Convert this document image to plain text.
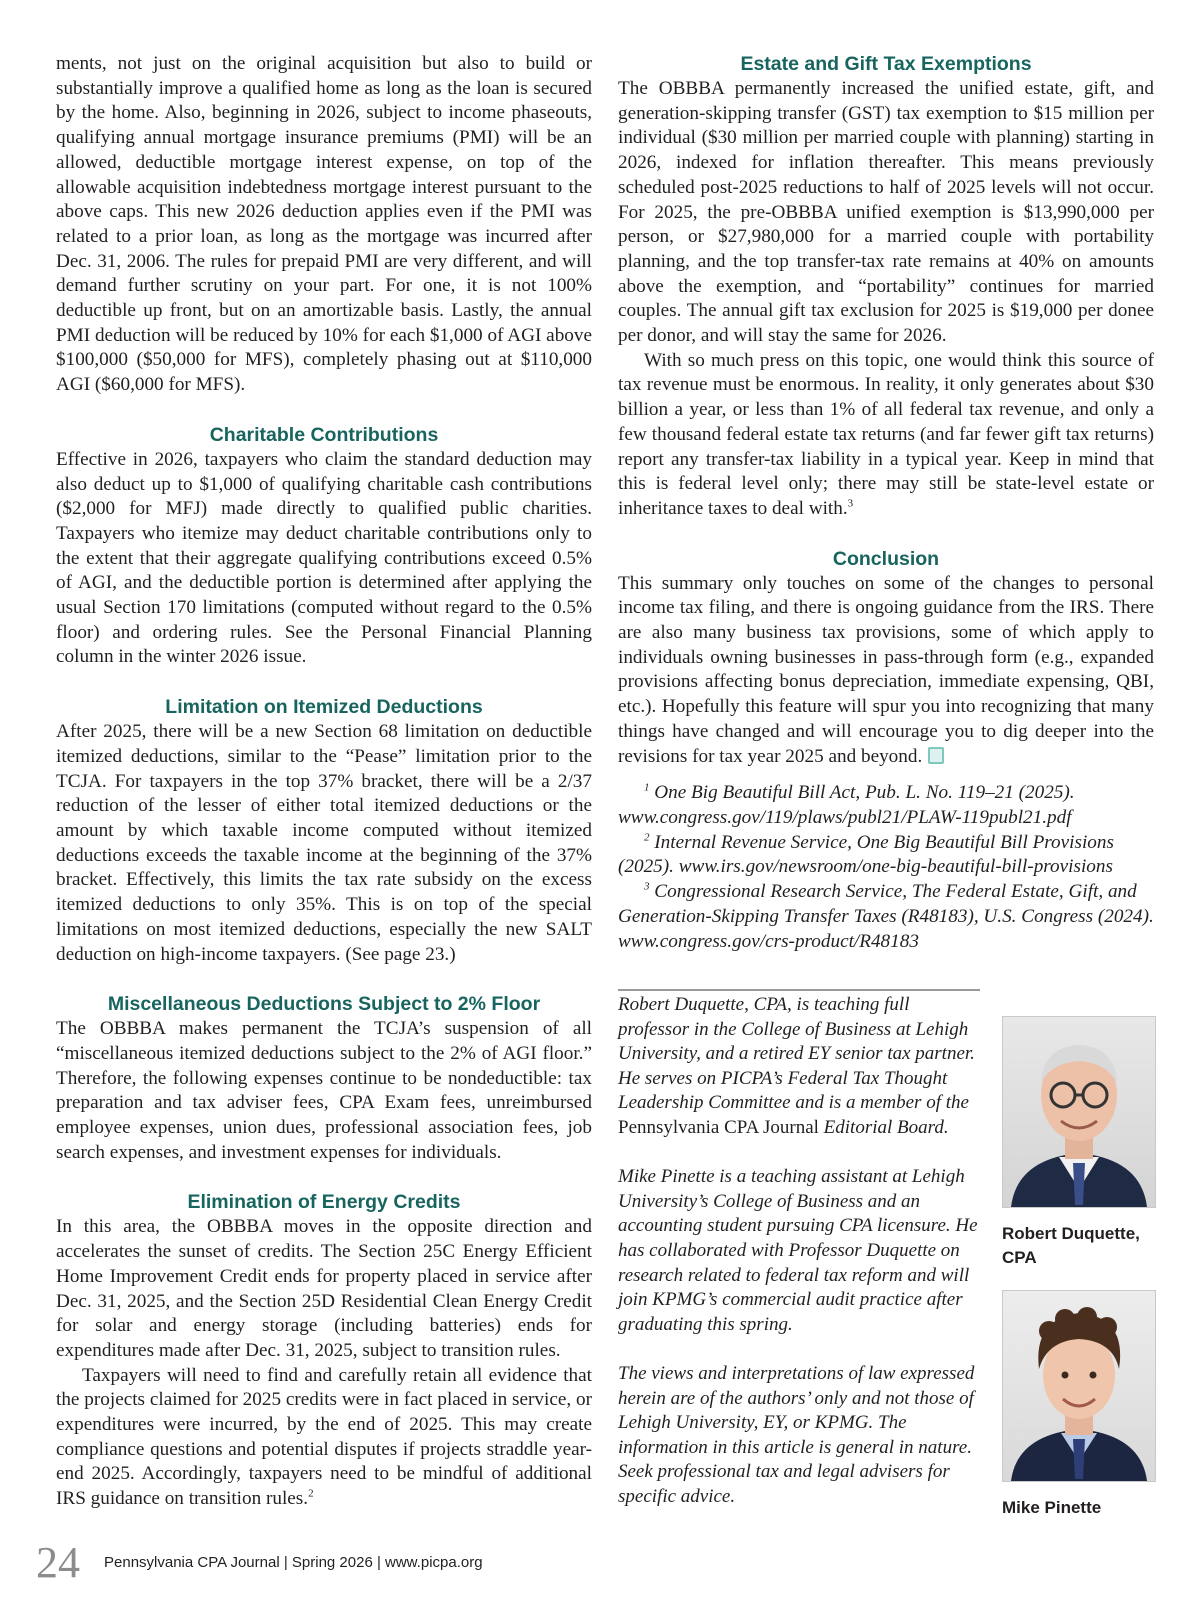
ments, not just on the original acquisition but also to build or substantially improve a qualified home as long as the loan is secured by the home. Also, beginning in 2026, subject to income phaseouts, qualifying annual mortgage insurance premiums (PMI) will be an allowed, deductible mortgage interest expense, on top of the allowable acquisition indebtedness mortgage interest pursuant to the above caps. This new 2026 deduction applies even if the PMI was related to a prior loan, as long as the mortgage was incurred after Dec. 31, 2006. The rules for prepaid PMI are very different, and will demand further scrutiny on your part. For one, it is not 100% deductible up front, but on an amortizable basis. Lastly, the annual PMI deduction will be reduced by 10% for each $1,000 of AGI above $100,000 ($50,000 for MFS), completely phasing out at $110,000 AGI ($60,000 for MFS).

Charitable Contributions

Effective in 2026, taxpayers who claim the standard deduction may also deduct up to $1,000 of qualifying charitable cash contributions ($2,000 for MFJ) made directly to qualified public charities. Taxpayers who itemize may deduct charitable contributions only to the extent that their aggregate qualifying contributions exceed 0.5% of AGI, and the deductible portion is determined after applying the usual Section 170 limitations (computed without regard to the 0.5% floor) and ordering rules. See the Personal Financial Planning column in the winter 2026 issue.

Limitation on Itemized Deductions

After 2025, there will be a new Section 68 limitation on deductible itemized deductions, similar to the “Pease” limitation prior to the TCJA. For taxpayers in the top 37% bracket, there will be a 2/37 reduction of the lesser of either total itemized deductions or the amount by which taxable income computed without itemized deductions exceeds the taxable income at the beginning of the 37% bracket. Effectively, this limits the tax rate subsidy on the excess itemized deductions to only 35%. This is on top of the special limitations on most itemized deductions, especially the new SALT deduction on high-income taxpayers. (See page 23.)

Miscellaneous Deductions Subject to 2% Floor

The OBBBA makes permanent the TCJA’s suspension of all “miscellaneous itemized deductions subject to the 2% of AGI floor.” Therefore, the following expenses continue to be nondeductible: tax preparation and tax adviser fees, CPA Exam fees, unreimbursed employee expenses, union dues, professional association fees, job search expenses, and investment expenses for individuals.

Elimination of Energy Credits

In this area, the OBBBA moves in the opposite direction and accelerates the sunset of credits. The Section 25C Energy Efficient Home Improvement Credit ends for property placed in service after Dec. 31, 2025, and the Section 25D Residential Clean Energy Credit for solar and energy storage (including batteries) ends for expenditures made after Dec. 31, 2025, subject to transition rules.

Taxpayers will need to find and carefully retain all evidence that the projects claimed for 2025 credits were in fact placed in service, or expenditures were incurred, by the end of 2025. This may create compliance questions and potential disputes if projects straddle year-end 2025. Accordingly, taxpayers need to be mindful of additional IRS guidance on transition rules.$^2$

Estate and Gift Tax Exemptions

The OBBBA permanently increased the unified estate, gift, and generation-skipping transfer (GST) tax exemption to $15 million per individual ($30 million per married couple with planning) starting in 2026, indexed for inflation thereafter. This means previously scheduled post-2025 reductions to half of 2025 levels will not occur. For 2025, the pre-OBBBA unified exemption is $13,990,000 per person, or $27,980,000 for a married couple with portability planning, and the top transfer-tax rate remains at 40% on amounts above the exemption, and “portability” continues for married couples. The annual gift tax exclusion for 2025 is $19,000 per donee per donor, and will stay the same for 2026.

With so much press on this topic, one would think this source of tax revenue must be enormous. In reality, it only generates about $30 billion a year, or less than 1% of all federal tax revenue, and only a few thousand federal estate tax returns (and far fewer gift tax returns) report any transfer-tax liability in a typical year. Keep in mind that this is federal level only; there may still be state-level estate or inheritance taxes to deal with.$^3$

Conclusion

This summary only touches on some of the changes to personal income tax filing, and there is ongoing guidance from the IRS. There are also many business tax provisions, some of which apply to individuals owning businesses in pass-through form (e.g., expanded provisions affecting bonus depreciation, immediate expensing, QBI, etc.). Hopefully this feature will spur you into recognizing that many things have changed and will encourage you to dig deeper into the revisions for tax year 2025 and beyond.

$^1$ One Big Beautiful Bill Act, Pub. L. No. 119–21 (2025). www.congress.gov/119/plaws/publ21/PLAW-119publ21.pdf

$^2$ Internal Revenue Service, One Big Beautiful Bill Provisions (2025). www.irs.gov/newsroom/one-big-beautiful-bill-provisions

$^3$ Congressional Research Service, The Federal Estate, Gift, and Generation-Skipping Transfer Taxes (R48183), U.S. Congress (2024). www.congress.gov/crs-product/R48183

Robert Duquette, CPA, is teaching full professor in the College of Business at Lehigh University, and a retired EY senior tax partner. He serves on PICPA’s Federal Tax Thought Leadership Committee and is a member of the Pennsylvania CPA Journal Editorial Board.

Mike Pinette is a teaching assistant at Lehigh University’s College of Business and an accounting student pursuing CPA licensure. He has collaborated with Professor Duquette on research related to federal tax reform and will join KPMG’s commercial audit practice after graduating this spring.

The views and interpretations of law expressed herein are of the authors’ only and not those of Lehigh University, EY, or KPMG. The information in this article is general in nature. Seek professional tax and legal advisers for specific advice.

Robert Duquette, CPA
Mike Pinette
24 Pennsylvania CPA Journal | Spring 2026 | www.picpa.org
